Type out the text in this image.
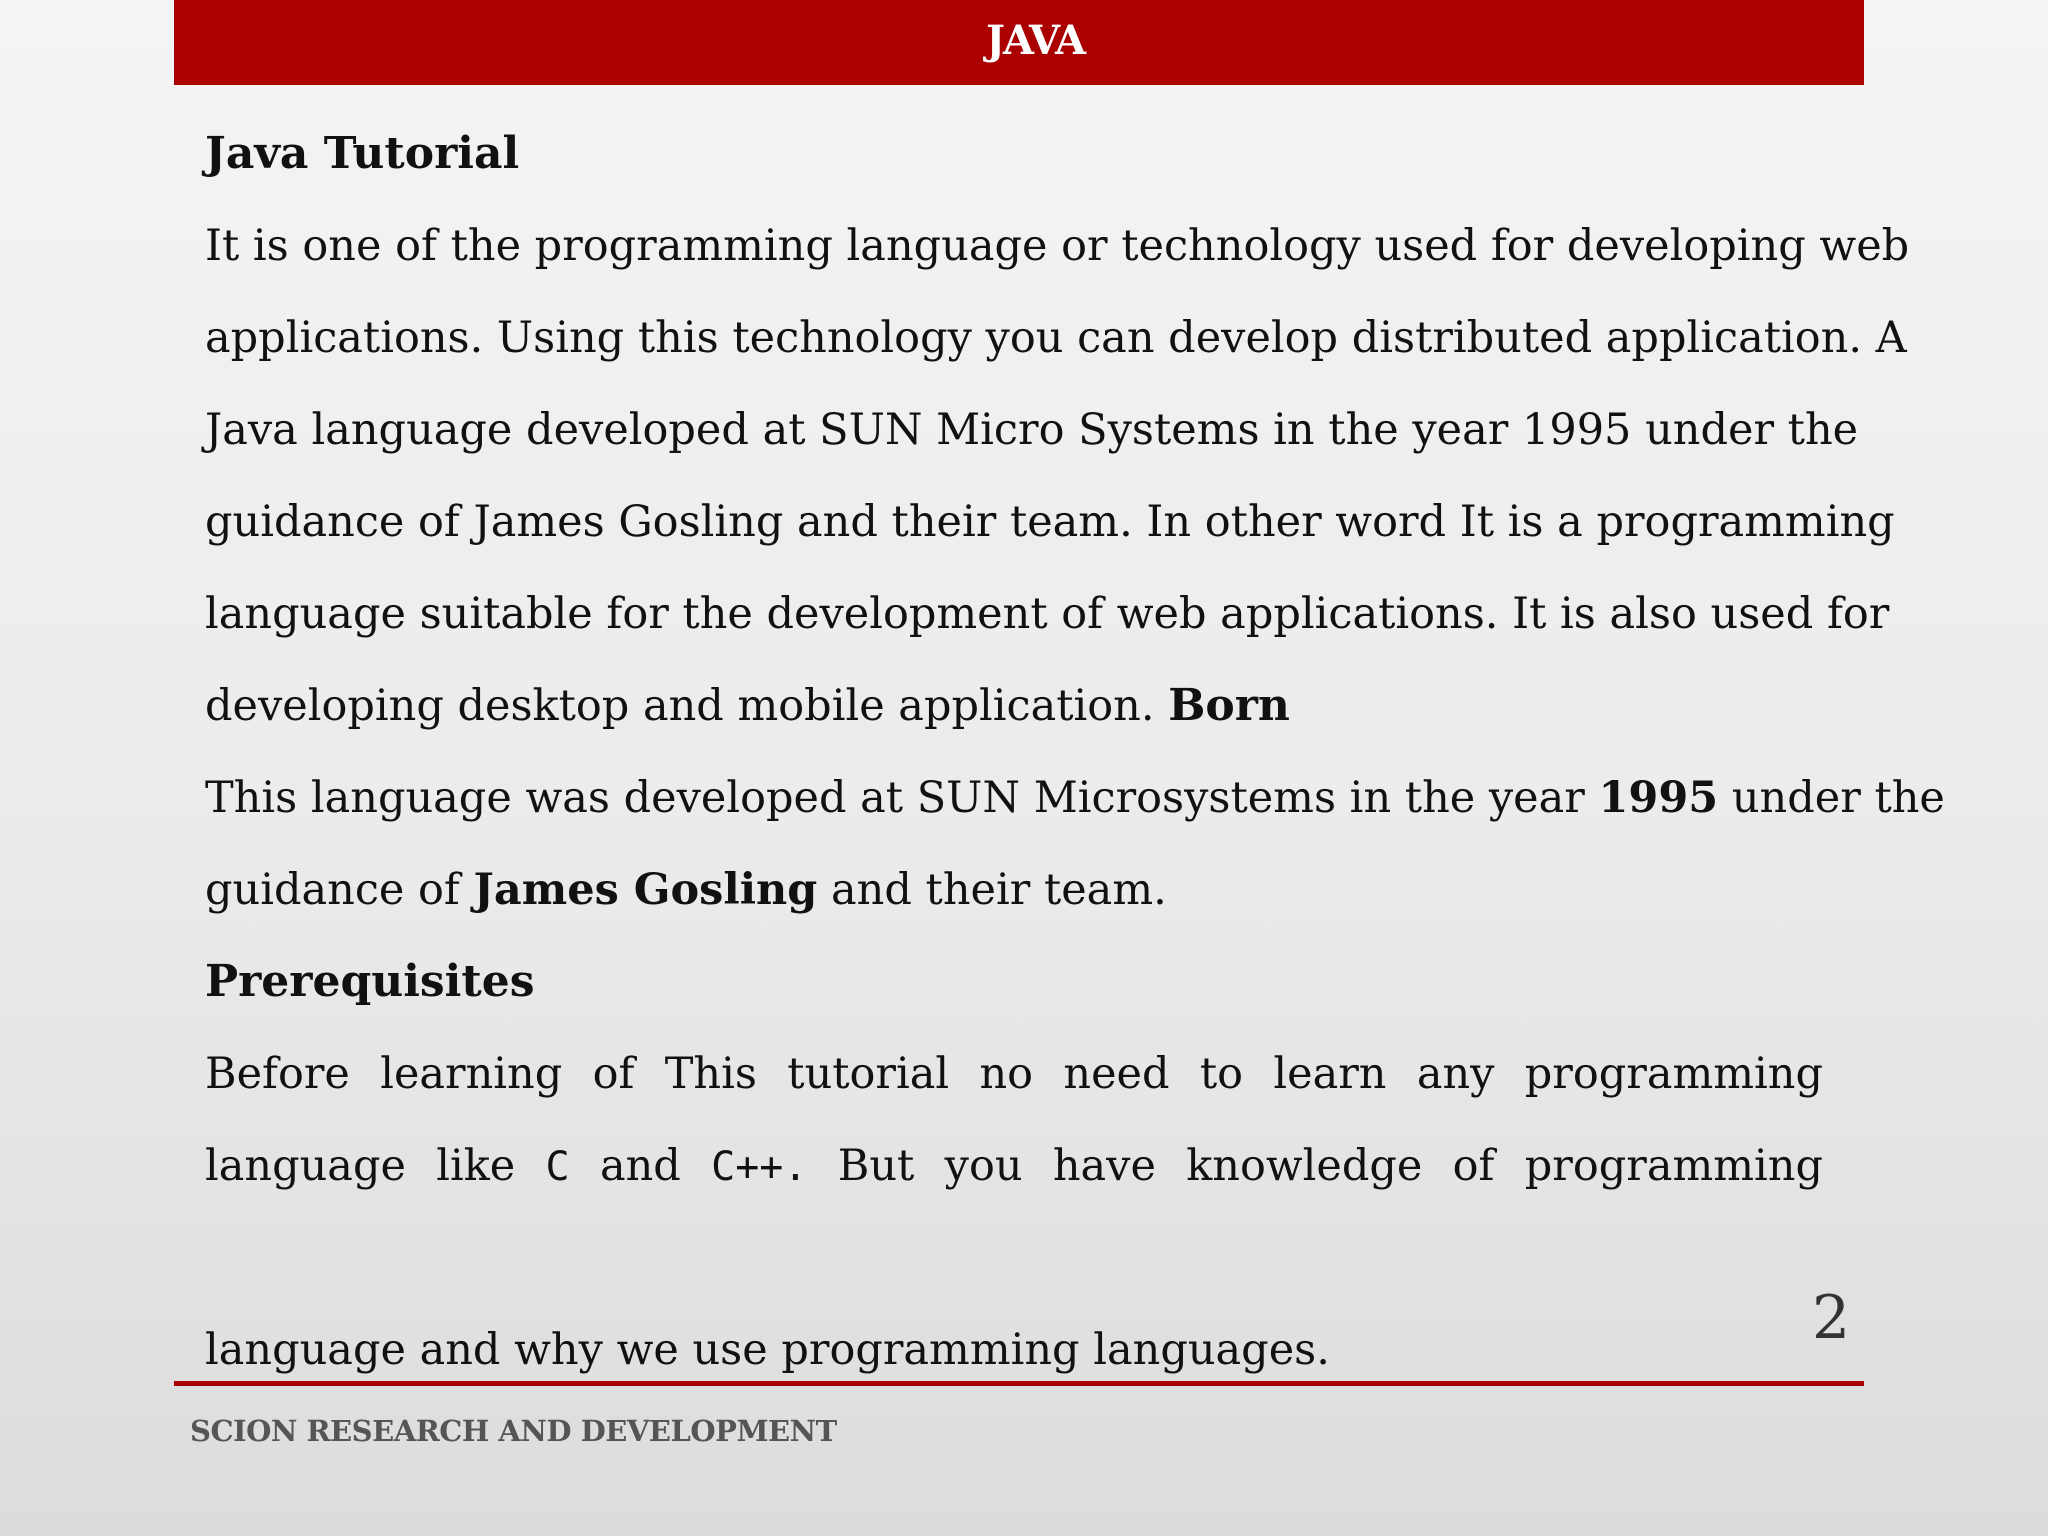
JAVA
Java Tutorial
It is one of the programming language or technology used for developing web
applications. Using this technology you can develop distributed application. A
Java language developed at SUN Micro Systems in the year 1995 under the
guidance of James Gosling and their team. In other word It is a programming
language suitable for the development of web applications. It is also used for
developing desktop and mobile application. Born
This language was developed at SUN Microsystems in the year 1995 under the
guidance of James Gosling and their team.
Prerequisites
Before learning of This tutorial no need to learn any programming
language like C and C++. But you have knowledge of programming
language and why we use programming languages.	2
SCION RESEARCH AND DEVELOPMENT
